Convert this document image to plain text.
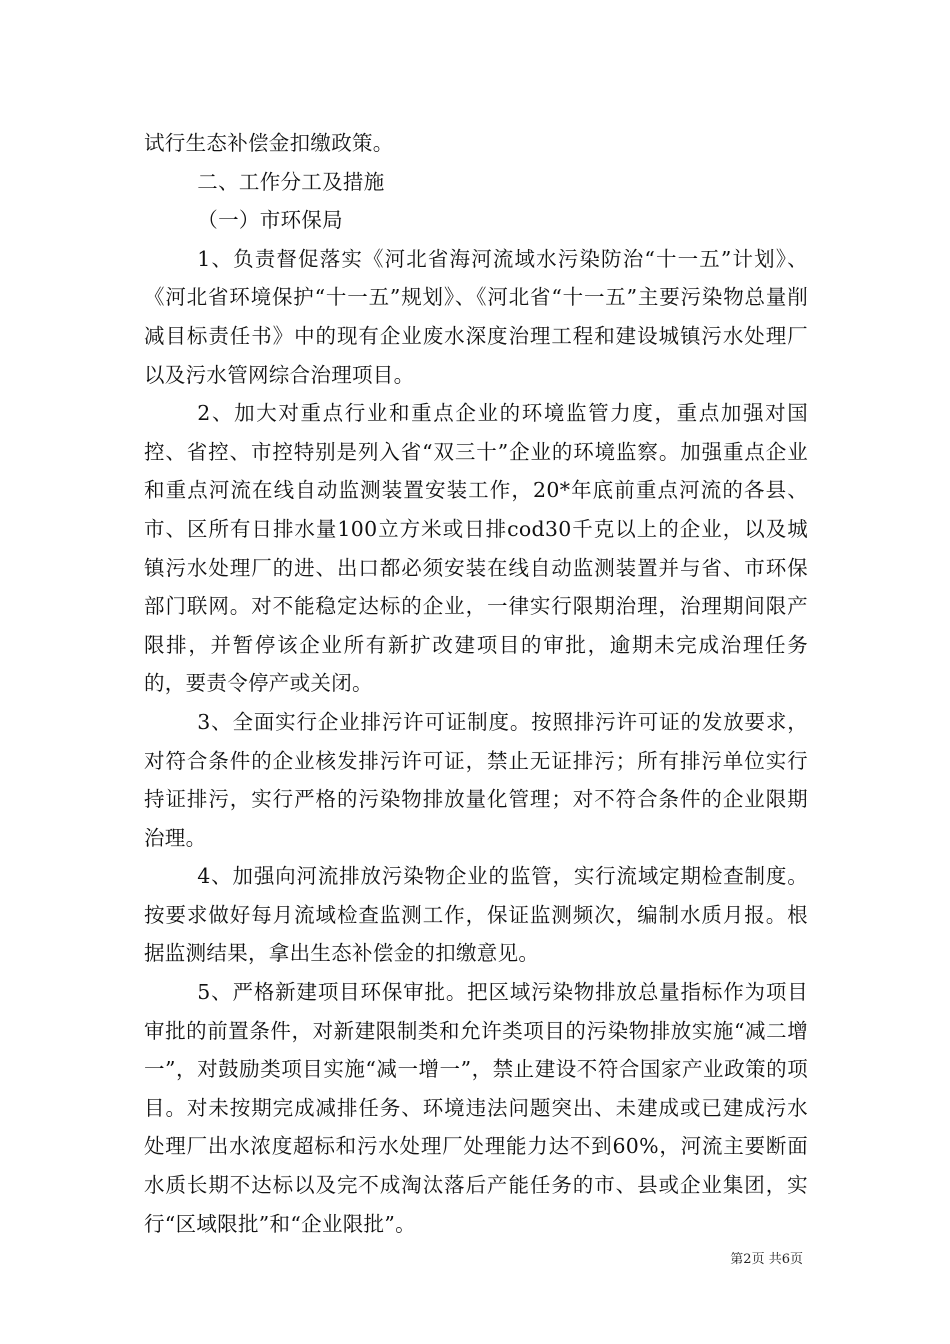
试行生态补偿金扣缴政策。

二、工作分工及措施

（一）市环保局

1、负责督促落实《河北省海河流域水污染防治“十一五”计划》、《河北省环境保护“十一五”规划》、《河北省“十一五”主要污染物总量削减目标责任书》中的现有企业废水深度治理工程和建设城镇污水处理厂以及污水管网综合治理项目。

2、加大对重点行业和重点企业的环境监管力度，重点加强对国控、省控、市控特别是列入省“双三十”企业的环境监察。加强重点企业和重点河流在线自动监测装置安装工作，20*年底前重点河流的各县、市、区所有日排水量100立方米或日排cod30千克以上的企业，以及城镇污水处理厂的进、出口都必须安装在线自动监测装置并与省、市环保部门联网。对不能稳定达标的企业，一律实行限期治理，治理期间限产限排，并暂停该企业所有新扩改建项目的审批，逾期未完成治理任务的，要责令停产或关闭。

3、全面实行企业排污许可证制度。按照排污许可证的发放要求，对符合条件的企业核发排污许可证，禁止无证排污；所有排污单位实行持证排污，实行严格的污染物排放量化管理；对不符合条件的企业限期治理。

4、加强向河流排放污染物企业的监管，实行流域定期检查制度。按要求做好每月流域检查监测工作，保证监测频次，编制水质月报。根据监测结果，拿出生态补偿金的扣缴意见。

5、严格新建项目环保审批。把区域污染物排放总量指标作为项目审批的前置条件，对新建限制类和允许类项目的污染物排放实施“减二增一”，对鼓励类项目实施“减一增一”，禁止建设不符合国家产业政策的项目。对未按期完成减排任务、环境违法问题突出、未建成或已建成污水处理厂出水浓度超标和污水处理厂处理能力达不到60%，河流主要断面水质长期不达标以及完不成淘汰落后产能任务的市、县或企业集团，实行“区域限批”和“企业限批”。

第2页 共6页
